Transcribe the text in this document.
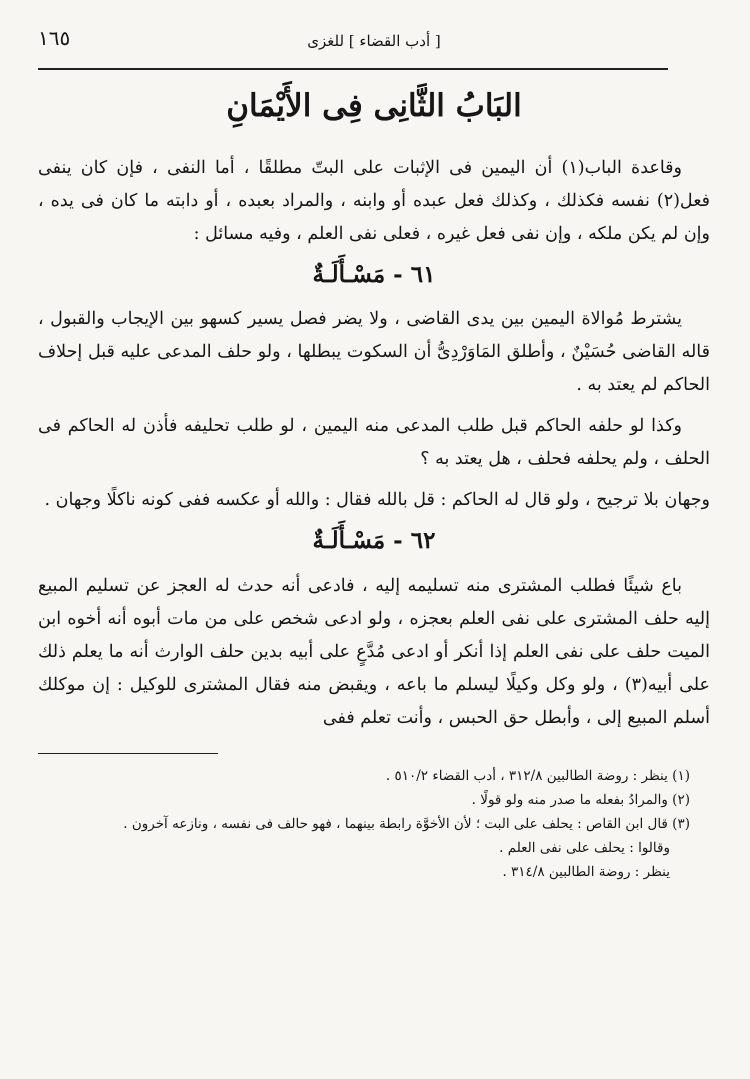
١٦٥	[ أدب القضاء ] للغزى
البَابُ الثَّانِى فِى الأَيْمَانِ

وقاعدة الباب(١) أن اليمين فى الإثبات على البتّ مطلقًا ، أما النفى ، فإن كان ينفى فعل(٢) نفسه فكذلك ، وكذلك فعل عبده أو وابنه ، والمراد بعبده ، أو دابته ما كان فى يده ، وإن لم يكن ملكه ، وإن نفى فعل غيره ، فعلى نفى العلم ، وفيه مسائل :

٦١ - مَسْـأَلَـةٌ

يشترط مُوالاة اليمين بين يدى القاضى ، ولا يضر فصل يسير كسهو بين الإيجاب والقبول ، قاله القاضى حُسَيْنٌ ، وأطلق المَاوَرْدِىُّ أن السكوت يبطلها ، ولو حلف المدعى عليه قبل إحلاف الحاكم لم يعتد به .

وكذا لو حلفه الحاكم قبل طلب المدعى منه اليمين ، لو طلب تحليفه فأذن له الحاكم فى الحلف ، ولم يحلفه فحلف ، هل يعتد به ؟

وجهان بلا ترجيح ، ولو قال له الحاكم : قل بالله فقال : والله أو عكسه ففى كونه ناكلًا وجهان .

٦٢ - مَسْـأَلَـةٌ

باع شيئًا فطلب المشترى منه تسليمه إليه ، فادعى أنه حدث له العجز عن تسليم المبيع إليه حلف المشترى على نفى العلم بعجزه ، ولو ادعى شخص على من مات أبوه أنه أخوه ابن الميت حلف على نفى العلم إذا أنكر أو ادعى مُدَّعٍ على أبيه بدين حلف الوارث أنه ما يعلم ذلك على أبيه(٣) ، ولو وكل وكيلًا ليسلم ما باعه ، ويقبض منه فقال المشترى للوكيل : إن موكلك أسلم المبيع إلى ، وأبطل حق الحبس ، وأنت تعلم ففى

(١) ينظر : روضة الطالبين ٣١٢/٨ ، أدب القضاء ٥١٠/٢ .

(٢) والمرادُ بفعله ما صدر منه ولو قولًا .

(٣) قال ابن القاص : يحلف على البت ؛ لأن الأخوَّة رابطة بينهما ، فهو حالف فى نفسه ، ونازعه آخرون .

وقالوا : يحلف على نفى العلم .

ينظر : روضة الطالبين ٣١٤/٨ .
